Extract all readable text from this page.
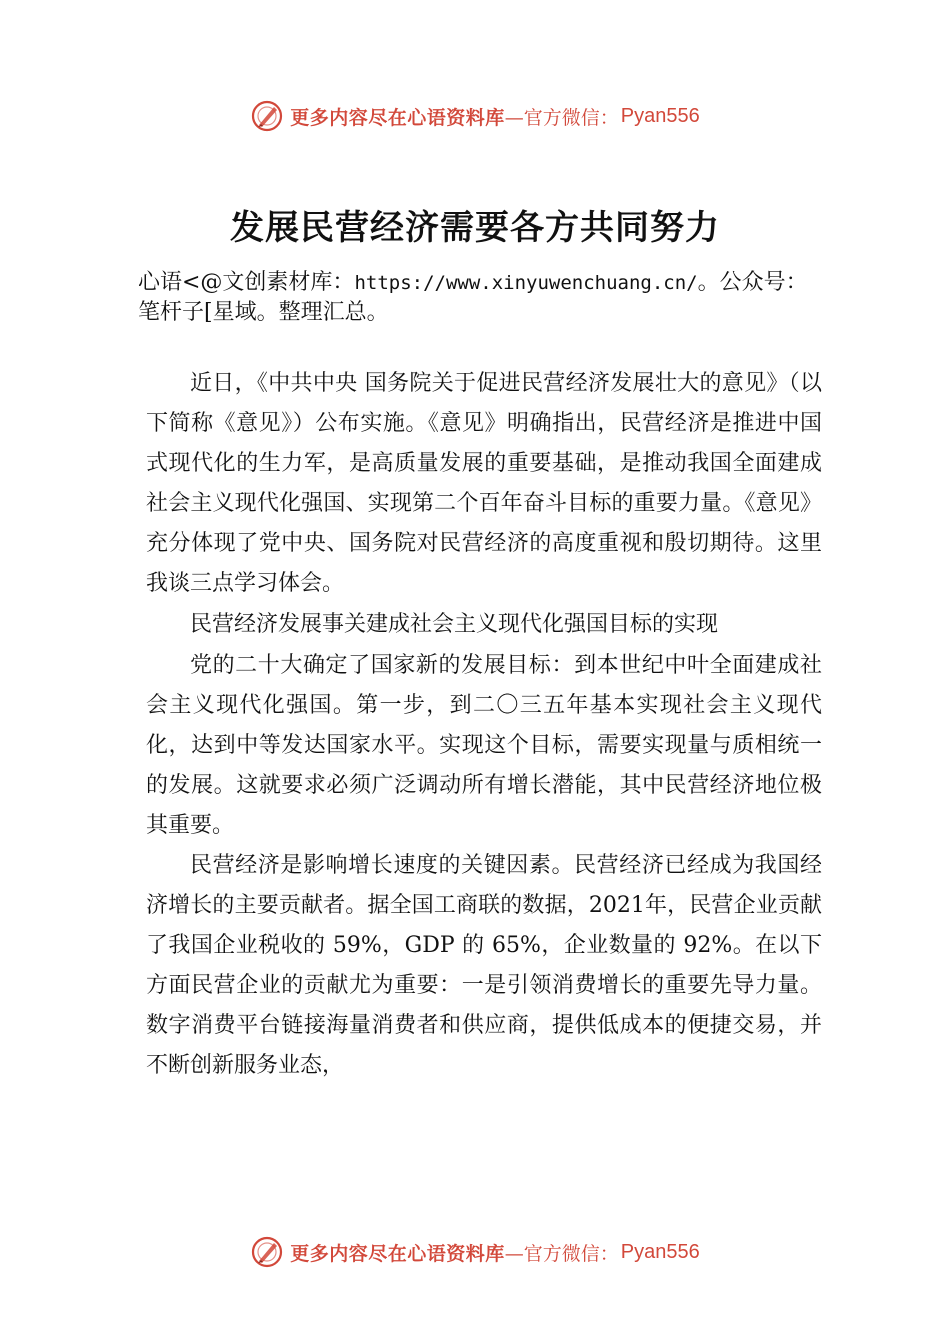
更多内容尽在心语资料库 —官方微信： Pyan556
发展民营经济需要各方共同努力
心语<@文创素材库：https://www.xinyuwenchuang.cn/。公众号：笔杆子[星域。整理汇总。

近日，《中共中央 国务院关于促进民营经济发展壮大的意见》（以下简称《意见》）公布实施。《意见》明确指出，民营经济是推进中国式现代化的生力军，是高质量发展的重要基础，是推动我国全面建成社会主义现代化强国、实现第二个百年奋斗目标的重要力量。《意见》充分体现了党中央、国务院对民营经济的高度重视和殷切期待。这里我谈三点学习体会。

民营经济发展事关建成社会主义现代化强国目标的实现

党的二十大确定了国家新的发展目标：到本世纪中叶全面建成社会主义现代化强国。第一步，到二〇三五年基本实现社会主义现代化，达到中等发达国家水平。实现这个目标，需要实现量与质相统一的发展。这就要求必须广泛调动所有增长潜能，其中民营经济地位极其重要。

民营经济是影响增长速度的关键因素。民营经济已经成为我国经济增长的主要贡献者。据全国工商联的数据，2021年，民营企业贡献了我国企业税收的 59%，GDP 的 65%，企业数量的 92%。在以下方面民营企业的贡献尤为重要：一是引领消费增长的重要先导力量。数字消费平台链接海量消费者和供应商，提供低成本的便捷交易，并不断创新服务业态，

更多内容尽在心语资料库 —官方微信： Pyan556
